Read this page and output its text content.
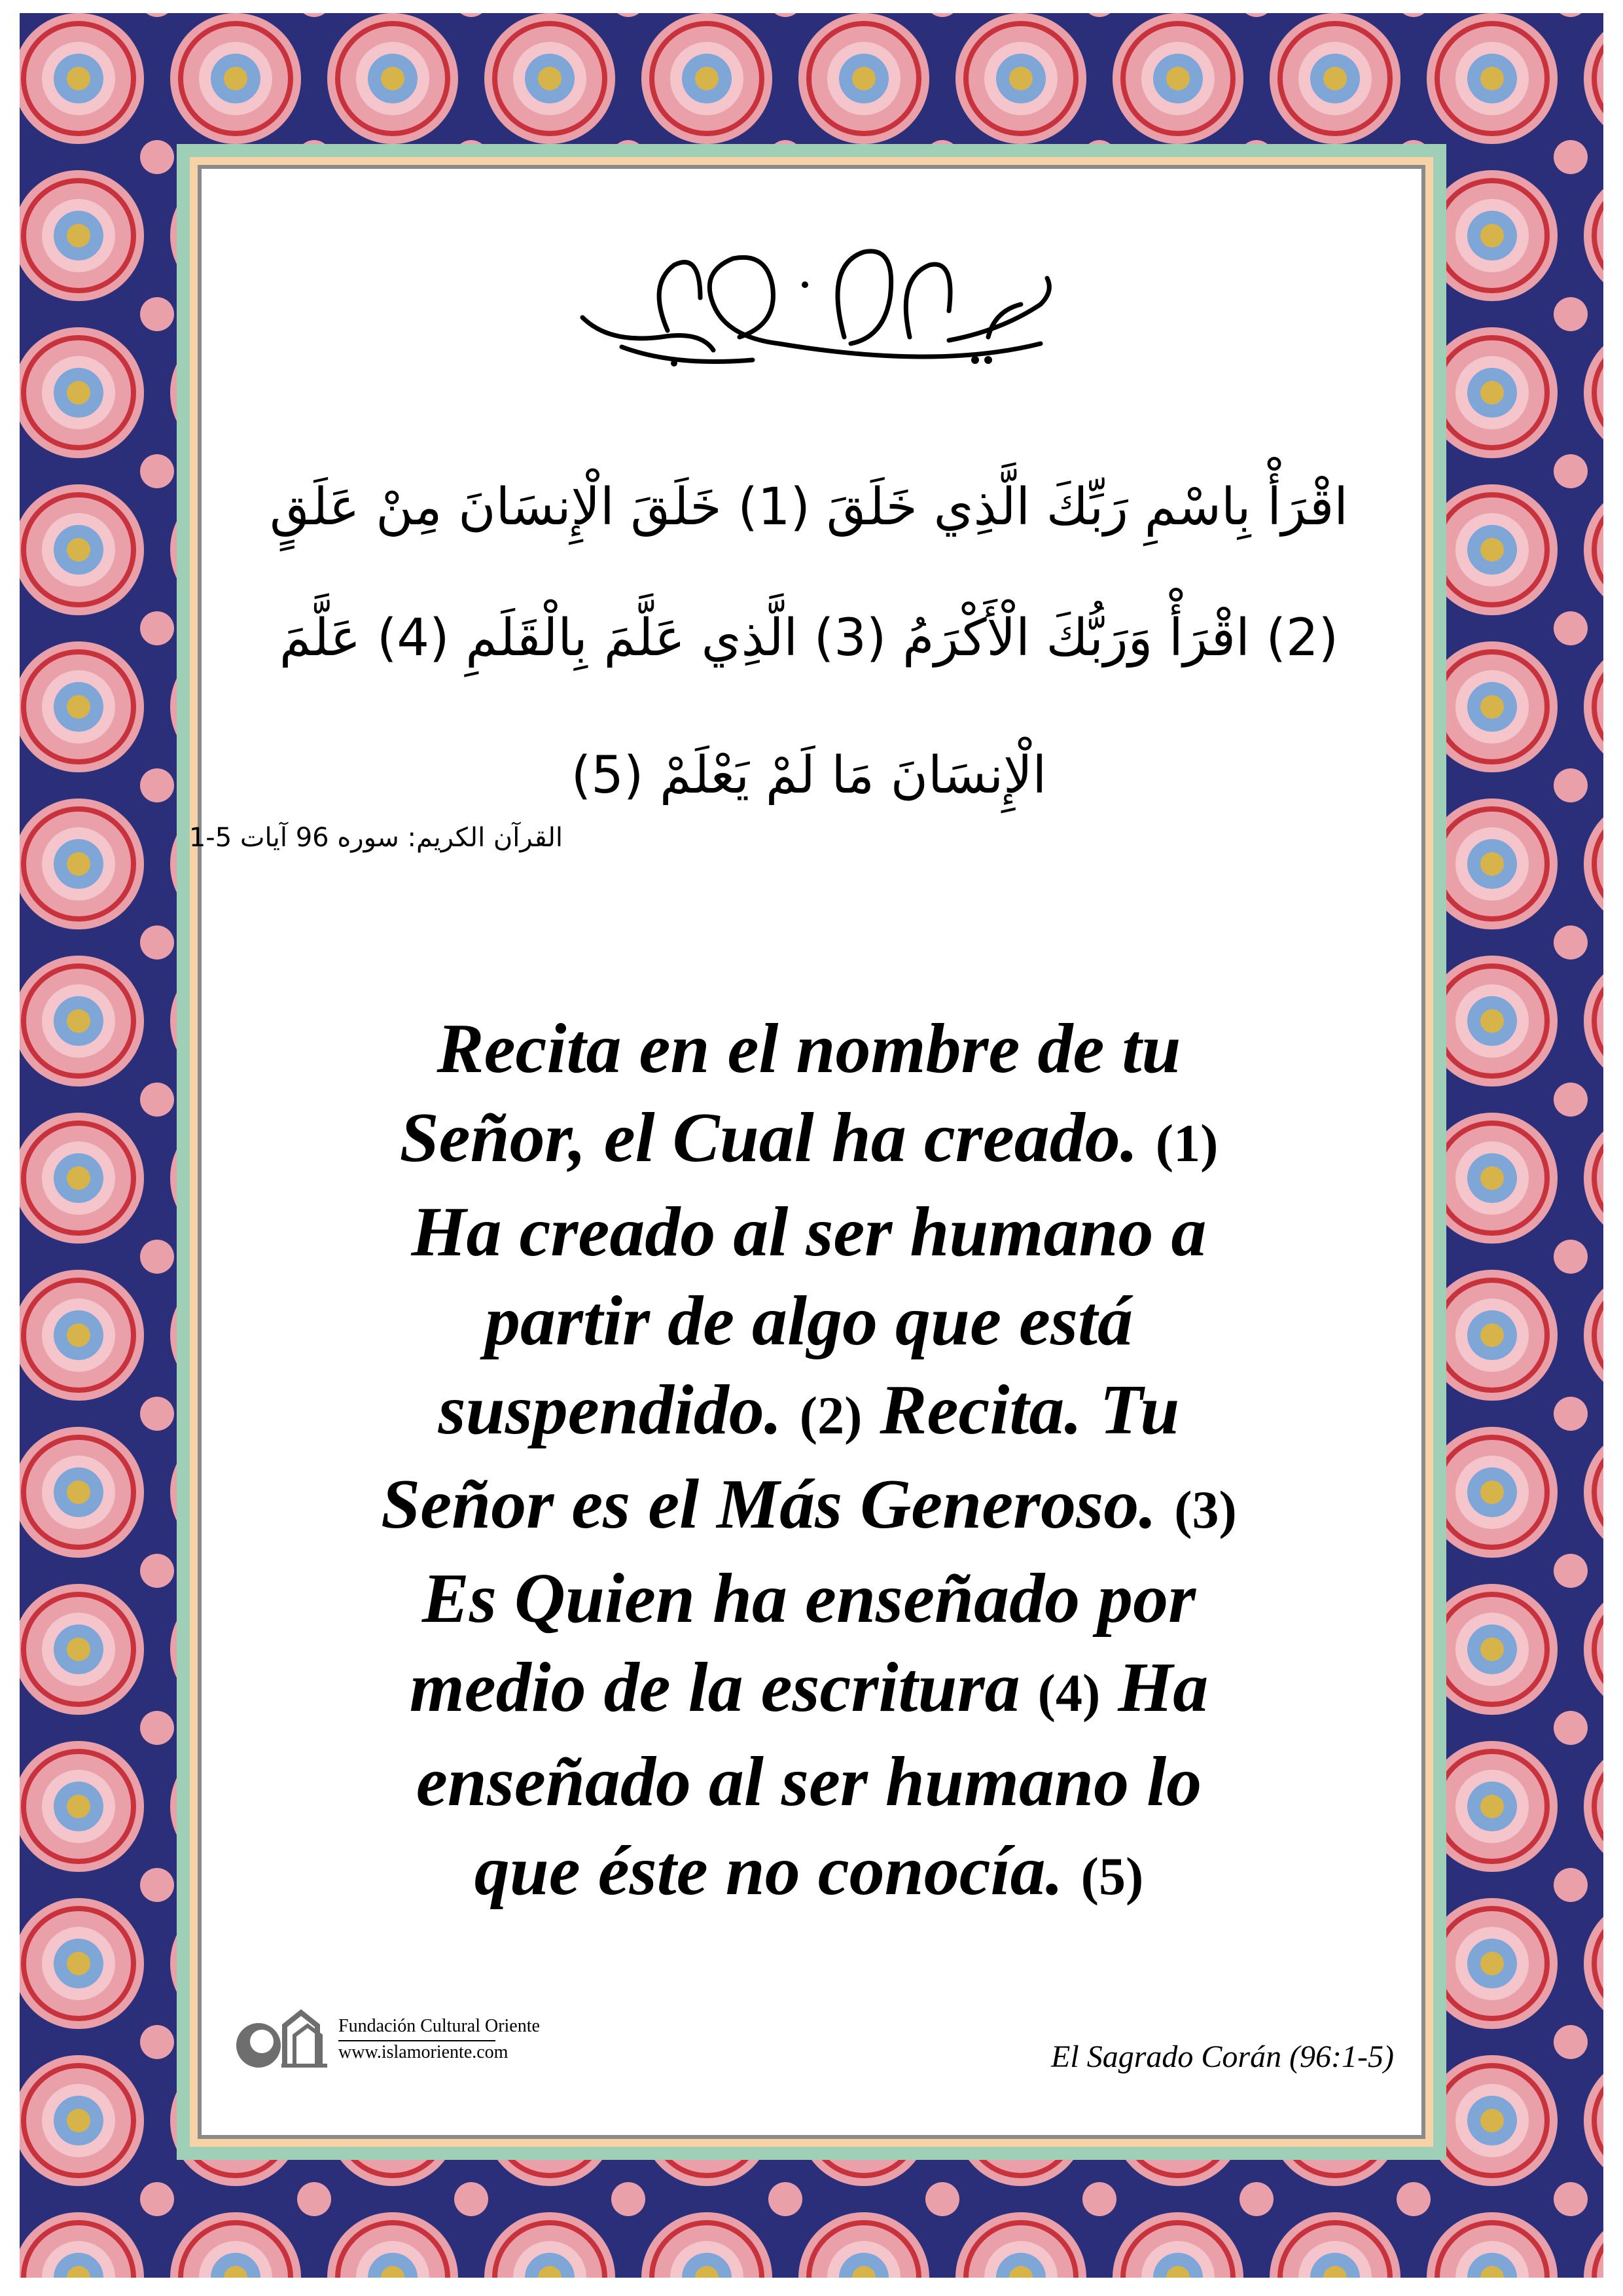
بسم الله الرحمن الرحيم
اقْرَأْ بِاسْمِ رَبِّكَ الَّذِي خَلَقَ (1) خَلَقَ الْإِنسَانَ مِنْ عَلَقٍ
(2) اقْرَأْ وَرَبُّكَ الْأَكْرَمُ (3) الَّذِي عَلَّمَ بِالْقَلَمِ (4) عَلَّمَ
الْإِنسَانَ مَا لَمْ يَعْلَمْ (5)
القرآن الكريم: سوره 96 آيات 5-1
Recita en el nombre de tu
Señor, el Cual ha creado. (1)
Ha creado al ser humano a
partir de algo que está
suspendido. (2) Recita. Tu
Señor es el Más Generoso. (3)
Es Quien ha enseñado por
medio de la escritura (4) Ha
enseñado al ser humano lo
que éste no conocía. (5)
Fundación Cultural Oriente
www.islamoriente.com	El Sagrado Corán (96:1-5)
